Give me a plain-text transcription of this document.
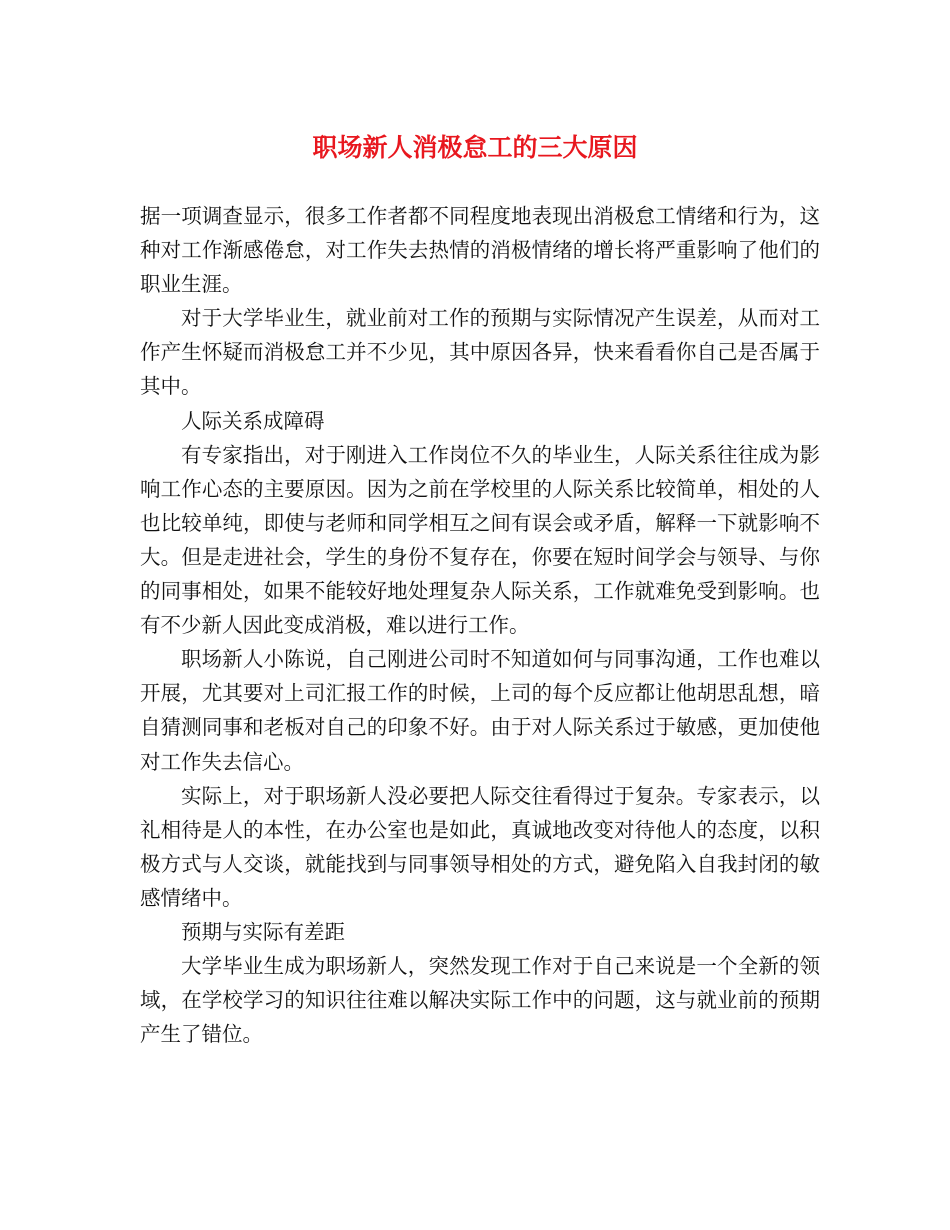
职场新人消极怠工的三大原因

据一项调查显示，很多工作者都不同程度地表现出消极怠工情绪和行为，这种对工作渐感倦怠，对工作失去热情的消极情绪的增长将严重影响了他们的职业生涯。

对于大学毕业生，就业前对工作的预期与实际情况产生误差，从而对工作产生怀疑而消极怠工并不少见，其中原因各异，快来看看你自己是否属于其中。

人际关系成障碍

有专家指出，对于刚进入工作岗位不久的毕业生，人际关系往往成为影响工作心态的主要原因。因为之前在学校里的人际关系比较简单，相处的人也比较单纯，即使与老师和同学相互之间有误会或矛盾，解释一下就影响不大。但是走进社会，学生的身份不复存在，你要在短时间学会与领导、与你的同事相处，如果不能较好地处理复杂人际关系，工作就难免受到影响。也有不少新人因此变成消极，难以进行工作。

职场新人小陈说，自己刚进公司时不知道如何与同事沟通，工作也难以开展，尤其要对上司汇报工作的时候，上司的每个反应都让他胡思乱想，暗自猜测同事和老板对自己的印象不好。由于对人际关系过于敏感，更加使他对工作失去信心。

实际上，对于职场新人没必要把人际交往看得过于复杂。专家表示，以礼相待是人的本性，在办公室也是如此，真诚地改变对待他人的态度，以积极方式与人交谈，就能找到与同事领导相处的方式，避免陷入自我封闭的敏感情绪中。

预期与实际有差距

大学毕业生成为职场新人，突然发现工作对于自己来说是一个全新的领域，在学校学习的知识往往难以解决实际工作中的问题，这与就业前的预期产生了错位。
